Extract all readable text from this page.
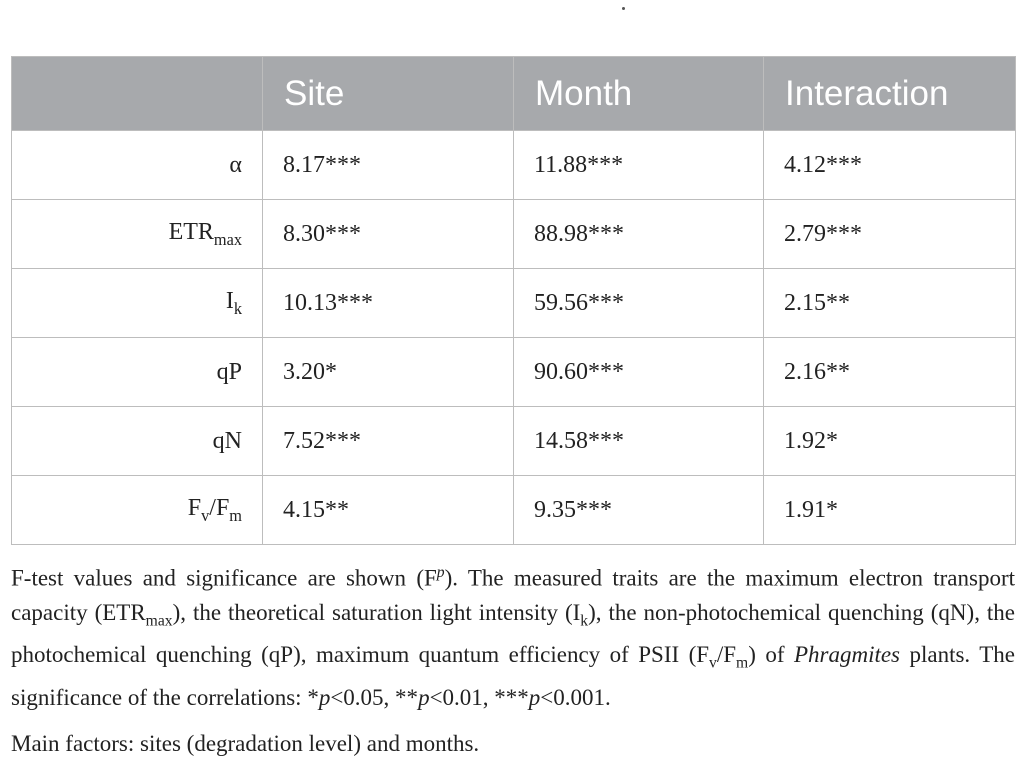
	Site	Month	Interaction
α	8.17***	11.88***	4.12***
$ETR_{max}$	8.30***	88.98***	2.79***
$I_k$	10.13***	59.56***	2.15**
qP	3.20*	90.60***	2.16**
qN	7.52***	14.58***	1.92*
$F_v/F_m$	4.15**	9.35***	1.91*
F-test values and significance are shown $(F^p)$. The measured traits are the maximum electron transport capacity $(ETR_{max})$, the theoretical saturation light intensity $(I_k)$, the non-photochemical quenching (qN), the photochemical quenching (qP), maximum quantum efficiency of PSII $(F_v/F_m)$ of Phragmites plants. The significance of the correlations: *p<0.05, **p<0.01, ***p<0.001.
Main factors: sites (degradation level) and months.
